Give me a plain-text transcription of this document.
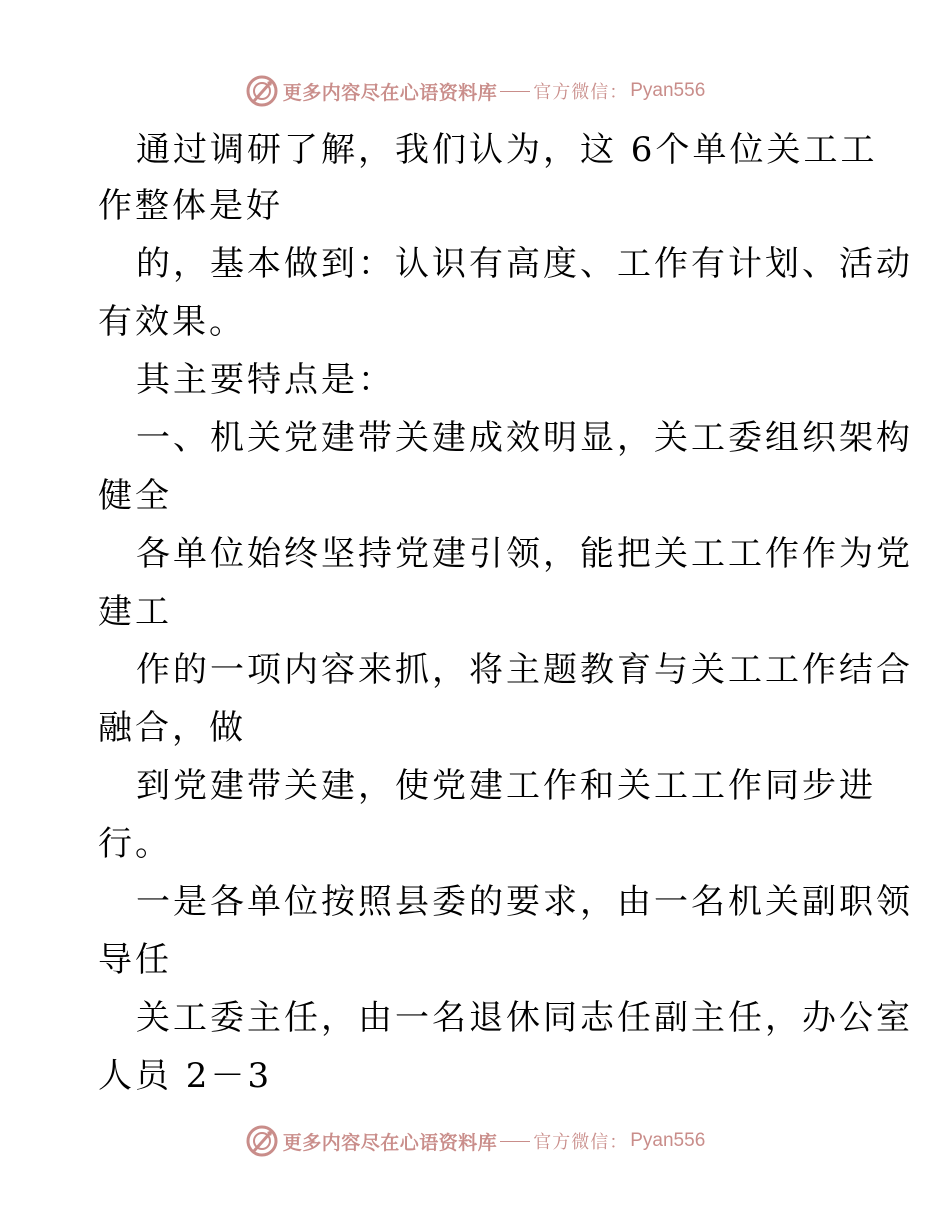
更多内容尽在心语资料库 官方微信： Pyan556
通过调研了解，我们认为，这 6个单位关工工
作整体是好
的，基本做到：认识有高度、工作有计划、活动
有效果。
其主要特点是：
一、机关党建带关建成效明显，关工委组织架构
健全
各单位始终坚持党建引领，能把关工工作作为党
建工
作的一项内容来抓，将主题教育与关工工作结合
融合，做
到党建带关建，使党建工作和关工工作同步进
行。
一是各单位按照县委的要求，由一名机关副职领
导任
关工委主任，由一名退休同志任副主任，办公室
人员 2－3
更多内容尽在心语资料库 官方微信： Pyan556
